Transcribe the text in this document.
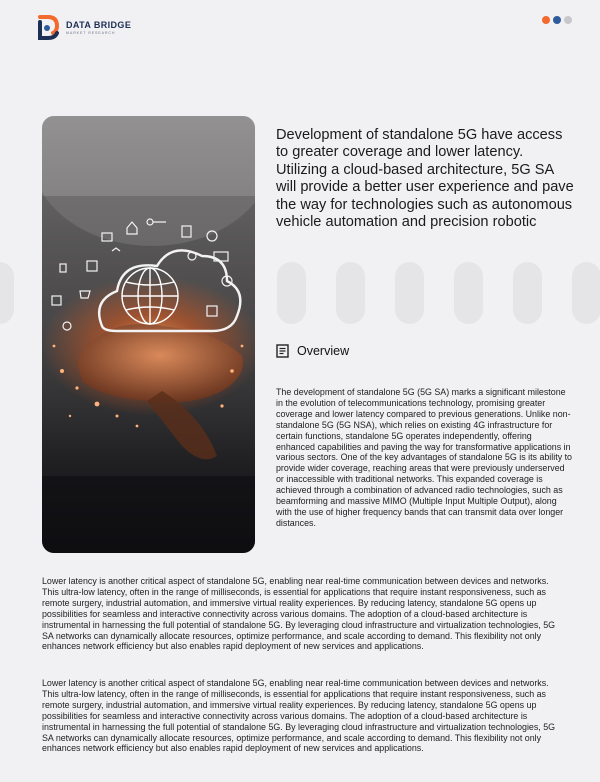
DATA BRIDGE
MARKET RESEARCH
Development of standalone 5G have access to greater coverage and lower latency. Utilizing a cloud-based architecture, 5G SA will provide a better user experience and pave the way for technologies such as autonomous vehicle automation and precision robotic
Overview
The development of standalone 5G (5G SA) marks a significant milestone in the evolution of telecommunications technology, promising greater coverage and lower latency compared to previous generations. Unlike non-standalone 5G (5G NSA), which relies on existing 4G infrastructure for certain functions, standalone 5G operates independently, offering enhanced capabilities and paving the way for transformative applications in various sectors. One of the key advantages of standalone 5G is its ability to provide wider coverage, reaching areas that were previously underserved or inaccessible with traditional networks. This expanded coverage is achieved through a combination of advanced radio technologies, such as beamforming and massive MIMO (Multiple Input Multiple Output), along with the use of higher frequency bands that can transmit data over longer distances.
Lower latency is another critical aspect of standalone 5G, enabling near real-time communication between devices and networks. This ultra-low latency, often in the range of milliseconds, is essential for applications that require instant responsiveness, such as remote surgery, industrial automation, and immersive virtual reality experiences. By reducing latency, standalone 5G opens up possibilities for seamless and interactive connectivity across various domains. The adoption of a cloud-based architecture is instrumental in harnessing the full potential of standalone 5G. By leveraging cloud infrastructure and virtualization technologies, 5G SA networks can dynamically allocate resources, optimize performance, and scale according to demand. This flexibility not only enhances network efficiency but also enables rapid deployment of new services and applications.
Lower latency is another critical aspect of standalone 5G, enabling near real-time communication between devices and networks. This ultra-low latency, often in the range of milliseconds, is essential for applications that require instant responsiveness, such as remote surgery, industrial automation, and immersive virtual reality experiences. By reducing latency, standalone 5G opens up possibilities for seamless and interactive connectivity across various domains. The adoption of a cloud-based architecture is instrumental in harnessing the full potential of standalone 5G. By leveraging cloud infrastructure and virtualization technologies, 5G SA networks can dynamically allocate resources, optimize performance, and scale according to demand. This flexibility not only enhances network efficiency but also enables rapid deployment of new services and applications.
